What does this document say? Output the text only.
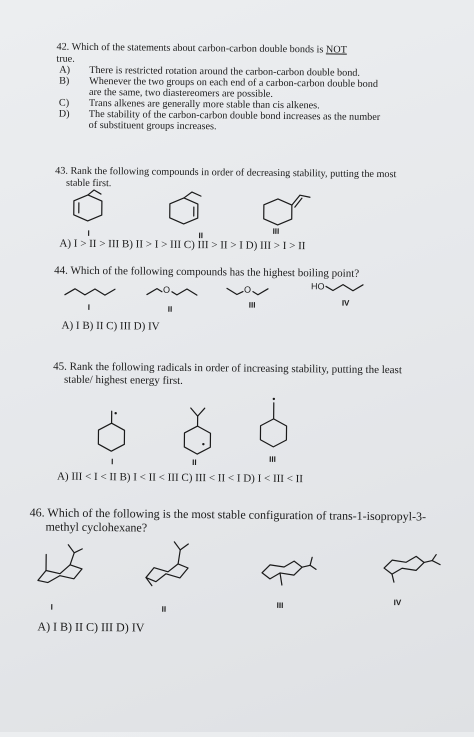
42. Which of the statements about carbon-carbon double bonds is NOT
true.
A) There is restricted rotation around the carbon-carbon double bond.
B) Whenever the two groups on each end of a carbon-carbon double bond
are the same, two diastereomers are possible.
C) Trans alkenes are generally more stable than cis alkenes.
D) The stability of the carbon-carbon double bond increases as the number
of substituent groups increases.
43. Rank the following compounds in order of decreasing stability, putting the most
stable first.
I	II	III
A) I > II > III B) II > I > III C) III > II > I D) III > I > II
44. Which of the following compounds has the highest boiling point?
I
O
II
O
III
HO
IV
A) I B) II C) III D) IV
45. Rank the following radicals in order of increasing stability, putting the least
stable/ highest energy first.
I	II	III
A) III < I < II B) I < II < III C) III < II < I D) I < III < II
46. Which of the following is the most stable configuration of trans-1-isopropyl-3-
methyl cyclohexane?
I	II	III	IV
A) I B) II C) III D) IV
